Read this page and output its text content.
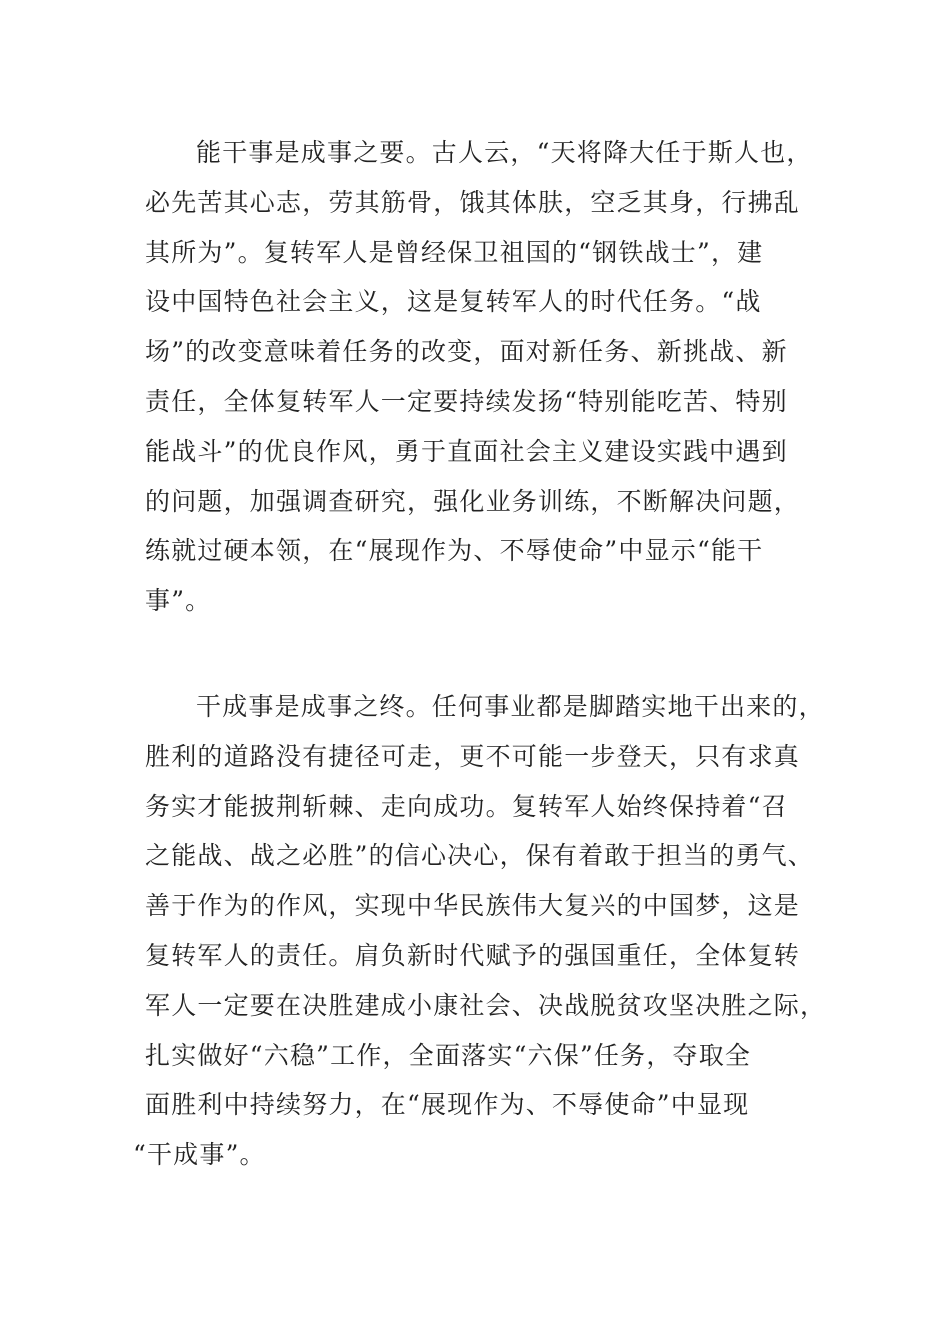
能干事是成事之要。古人云，“天将降大任于斯人也，
必先苦其心志，劳其筋骨，饿其体肤，空乏其身，行拂乱
其所为”。复转军人是曾经保卫祖国的“钢铁战士”，建
设中国特色社会主义，这是复转军人的时代任务。“战
场”的改变意味着任务的改变，面对新任务、新挑战、新
责任，全体复转军人一定要持续发扬“特别能吃苦、特别
能战斗”的优良作风，勇于直面社会主义建设实践中遇到
的问题，加强调查研究，强化业务训练，不断解决问题，
练就过硬本领，在“展现作为、不辱使命”中显示“能干
事”。
干成事是成事之终。任何事业都是脚踏实地干出来的，
胜利的道路没有捷径可走，更不可能一步登天，只有求真
务实才能披荆斩棘、走向成功。复转军人始终保持着“召
之能战、战之必胜”的信心决心，保有着敢于担当的勇气、
善于作为的作风，实现中华民族伟大复兴的中国梦，这是
复转军人的责任。肩负新时代赋予的强国重任，全体复转
军人一定要在决胜建成小康社会、决战脱贫攻坚决胜之际，
扎实做好“六稳”工作，全面落实“六保”任务，夺取全
面胜利中持续努力，在“展现作为、不辱使命”中显现
“干成事”。
